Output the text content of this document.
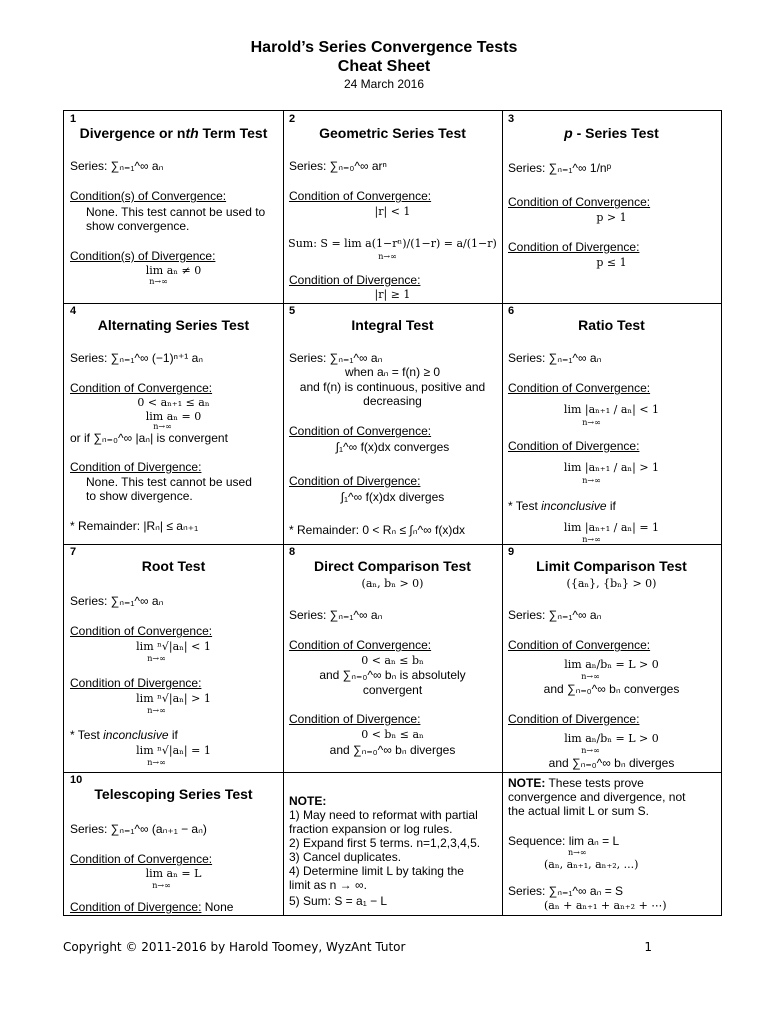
Harold’s Series Convergence Tests
Cheat Sheet
24 March 2016
1
Divergence or nth Term Test
Series: ∑ₙ₌₁^∞ aₙ
Condition(s) of Convergence:
None. This test cannot be used to
show convergence.
Condition(s) of Divergence:
lim aₙ ≠ 0
n→∞
2
Geometric Series Test
Series: ∑ₙ₌₀^∞ arⁿ
Condition of Convergence:
|r| < 1
Sum: S = lim a(1−rⁿ)/(1−r) = a/(1−r)
n→∞
Condition of Divergence:
|r| ≥ 1
3
p - Series Test
Series: ∑ₙ₌₁^∞ 1/nᵖ
Condition of Convergence:
p > 1
Condition of Divergence:
p ≤ 1
4
Alternating Series Test
Series: ∑ₙ₌₁^∞ (−1)ⁿ⁺¹ aₙ
Condition of Convergence:
0 < aₙ₊₁ ≤ aₙ
lim aₙ = 0
n→∞
or if ∑ₙ₌₀^∞ |aₙ| is convergent
Condition of Divergence:
None. This test cannot be used
to show divergence.
* Remainder: |Rₙ| ≤ aₙ₊₁
5
Integral Test
Series: ∑ₙ₌₁^∞ aₙ
when aₙ = f(n) ≥ 0
and f(n) is continuous, positive and
decreasing
Condition of Convergence:
∫₁^∞ f(x)dx converges
Condition of Divergence:
∫₁^∞ f(x)dx diverges
* Remainder: 0 < Rₙ ≤ ∫ₙ^∞ f(x)dx
6
Ratio Test
Series: ∑ₙ₌₁^∞ aₙ
Condition of Convergence:
lim |aₙ₊₁ / aₙ| < 1
n→∞
Condition of Divergence:
lim |aₙ₊₁ / aₙ| > 1
n→∞
* Test inconclusive if
lim |aₙ₊₁ / aₙ| = 1
n→∞
7
Root Test
Series: ∑ₙ₌₁^∞ aₙ
Condition of Convergence:
lim ⁿ√|aₙ| < 1
n→∞
Condition of Divergence:
lim ⁿ√|aₙ| > 1
n→∞
* Test inconclusive if
lim ⁿ√|aₙ| = 1
n→∞
8
Direct Comparison Test
(aₙ, bₙ > 0)
Series: ∑ₙ₌₁^∞ aₙ
Condition of Convergence:
0 < aₙ ≤ bₙ
and ∑ₙ₌₀^∞ bₙ is absolutely
convergent
Condition of Divergence:
0 < bₙ ≤ aₙ
and ∑ₙ₌₀^∞ bₙ diverges
9
Limit Comparison Test
({aₙ}, {bₙ} > 0)
Series: ∑ₙ₌₁^∞ aₙ
Condition of Convergence:
lim aₙ/bₙ = L > 0
n→∞
and ∑ₙ₌₀^∞ bₙ converges
Condition of Divergence:
lim aₙ/bₙ = L > 0
n→∞
and ∑ₙ₌₀^∞ bₙ diverges
10
Telescoping Series Test
Series: ∑ₙ₌₁^∞ (aₙ₊₁ − aₙ)
Condition of Convergence:
lim aₙ = L
n→∞
Condition of Divergence: None
NOTE:
1) May need to reformat with partial
fraction expansion or log rules.
2) Expand first 5 terms. n=1,2,3,4,5.
3) Cancel duplicates.
4) Determine limit L by taking the
limit as n → ∞.
5) Sum: S = a₁ − L
NOTE: These tests prove
convergence and divergence, not
the actual limit L or sum S.
Sequence: lim aₙ = L
n→∞
(aₙ, aₙ₊₁, aₙ₊₂, ...)
Series: ∑ₙ₌₁^∞ aₙ = S
(aₙ + aₙ₊₁ + aₙ₊₂ + ⋯)
Copyright © 2011-2016 by Harold Toomey, WyzAnt Tutor	1
